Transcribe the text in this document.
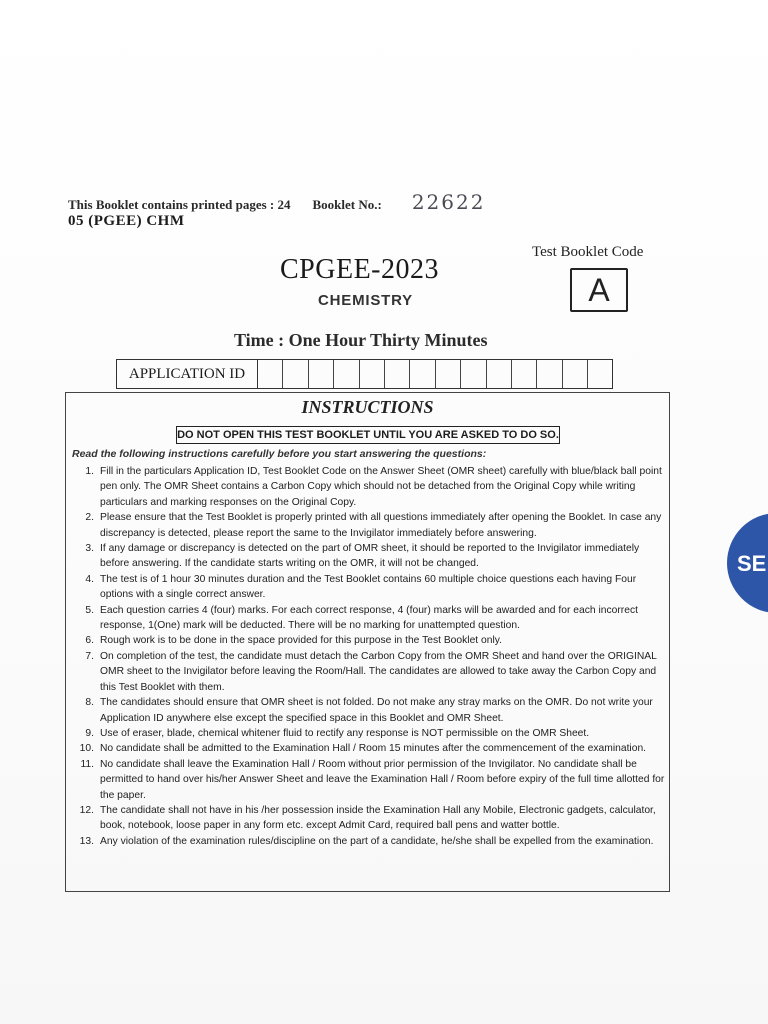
This Booklet contains printed pages : 24 Booklet No.: 22622
05 (PGEE) CHM
Test Booklet Code
A
CPGEE-2023
CHEMISTRY
Time : One Hour Thirty Minutes
APPLICATION ID
INSTRUCTIONS
DO NOT OPEN THIS TEST BOOKLET UNTIL YOU ARE ASKED TO DO SO.
Read the following instructions carefully before you start answering the questions:
1. Fill in the particulars Application ID, Test Booklet Code on the Answer Sheet (OMR sheet) carefully with blue/black ball point pen only. The OMR Sheet contains a Carbon Copy which should not be detached from the Original Copy while writing particulars and marking responses on the Original Copy.
2. Please ensure that the Test Booklet is properly printed with all questions immediately after opening the Booklet. In case any discrepancy is detected, please report the same to the Invigilator immediately before answering.
3. If any damage or discrepancy is detected on the part of OMR sheet, it should be reported to the Invigilator immediately before answering. If the candidate starts writing on the OMR, it will not be changed.
4. The test is of 1 hour 30 minutes duration and the Test Booklet contains 60 multiple choice questions each having Four options with a single correct answer.
5. Each question carries 4 (four) marks. For each correct response, 4 (four) marks will be awarded and for each incorrect response, 1(One) mark will be deducted. There will be no marking for unattempted question.
6. Rough work is to be done in the space provided for this purpose in the Test Booklet only.
7. On completion of the test, the candidate must detach the Carbon Copy from the OMR Sheet and hand over the ORIGINAL OMR sheet to the Invigilator before leaving the Room/Hall. The candidates are allowed to take away the Carbon Copy and this Test Booklet with them.
8. The candidates should ensure that OMR sheet is not folded. Do not make any stray marks on the OMR. Do not write your Application ID anywhere else except the specified space in this Booklet and OMR Sheet.
9. Use of eraser, blade, chemical whitener fluid to rectify any response is NOT permissible on the OMR Sheet.
10. No candidate shall be admitted to the Examination Hall / Room 15 minutes after the commencement of the examination.
11. No candidate shall leave the Examination Hall / Room without prior permission of the Invigilator. No candidate shall be permitted to hand over his/her Answer Sheet and leave the Examination Hall / Room before expiry of the full time allotted for the paper.
12. The candidate shall not have in his /her possession inside the Examination Hall any Mobile, Electronic gadgets, calculator, book, notebook, loose paper in any form etc. except Admit Card, required ball pens and watter bottle.
13. Any violation of the examination rules/discipline on the part of a candidate, he/she shall be expelled from the examination.
SE
